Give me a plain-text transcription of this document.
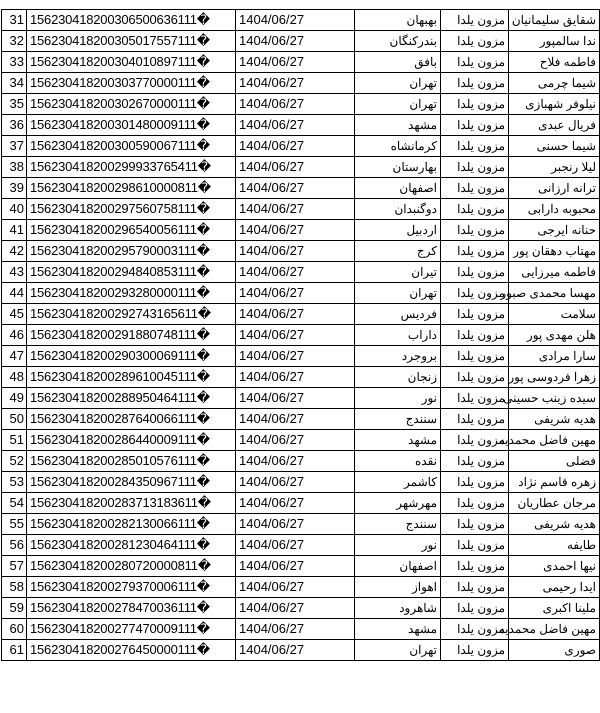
31	156230418200306500636111�	1404/06/27	بهبهان	مزون یلدا	شقایق سلیمانیان
32	156230418200305017557111�	1404/06/27	بندرکنگان	مزون یلدا	ندا سالمپور
33	156230418200304010897111�	1404/06/27	بافق	مزون یلدا	فاطمه فلاح
34	156230418200303770000111�	1404/06/27	تهران	مزون یلدا	شیما چرمی
35	156230418200302670000111�	1404/06/27	تهران	مزون یلدا	نیلوفر شهبازی
36	156230418200301480009111�	1404/06/27	مشهد	مزون یلدا	فریال عبدی
37	156230418200300590067111�	1404/06/27	کرمانشاه	مزون یلدا	شیما حسنی
38	156230418200299933765411�	1404/06/27	بهارستان	مزون یلدا	لیلا رنجبر
39	156230418200298610000811�	1404/06/27	اصفهان	مزون یلدا	ترانه ارزانی
40	156230418200297560758111�	1404/06/27	دوگنبدان	مزون یلدا	محبوبه دارابی
41	156230418200296540056111�	1404/06/27	اردبیل	مزون یلدا	حنانه ایرجی
42	156230418200295790003111�	1404/06/27	کرج	مزون یلدا	مهتاب دهقان پور
43	156230418200294840853111�	1404/06/27	تیران	مزون یلدا	فاطمه میرزایی
44	156230418200293280000111�	1404/06/27	تهران	مزون یلدا	مهسا محمدی صبور
45	156230418200292743165611�	1404/06/27	فردیس	مزون یلدا	سلامت
46	156230418200291880748111�	1404/06/27	داراب	مزون یلدا	هلن مهدی پور
47	156230418200290300069111�	1404/06/27	بروجرد	مزون یلدا	سارا مرادی
48	156230418200289610045111�	1404/06/27	زنجان	مزون یلدا	زهرا فردوسی پور
49	156230418200288950464111�	1404/06/27	نور	مزون یلدا	سیده زینب حسینی
50	156230418200287640066111�	1404/06/27	سنندج	مزون یلدا	هدیه شریفی
51	156230418200286440009111�	1404/06/27	مشهد	مزون یلدا	مهین فاضل محمدیه
52	156230418200285010576111�	1404/06/27	نقده	مزون یلدا	فضلی
53	156230418200284350967111�	1404/06/27	کاشمر	مزون یلدا	زهره قاسم نژاد
54	156230418200283713183611�	1404/06/27	مهرشهر	مزون یلدا	مرجان عطاریان
55	156230418200282130066111�	1404/06/27	سنندج	مزون یلدا	هدیه شریفی
56	156230418200281230464111�	1404/06/27	نور	مزون یلدا	طایفه
57	156230418200280720000811�	1404/06/27	اصفهان	مزون یلدا	نیها احمدی
58	156230418200279370006111�	1404/06/27	اهواز	مزون یلدا	ایدا رحیمی
59	156230418200278470036111�	1404/06/27	شاهرود	مزون یلدا	ملینا اکبری
60	156230418200277470009111�	1404/06/27	مشهد	مزون یلدا	مهین فاضل محمدیه
61	156230418200276450000111�	1404/06/27	تهران	مزون یلدا	صوری
